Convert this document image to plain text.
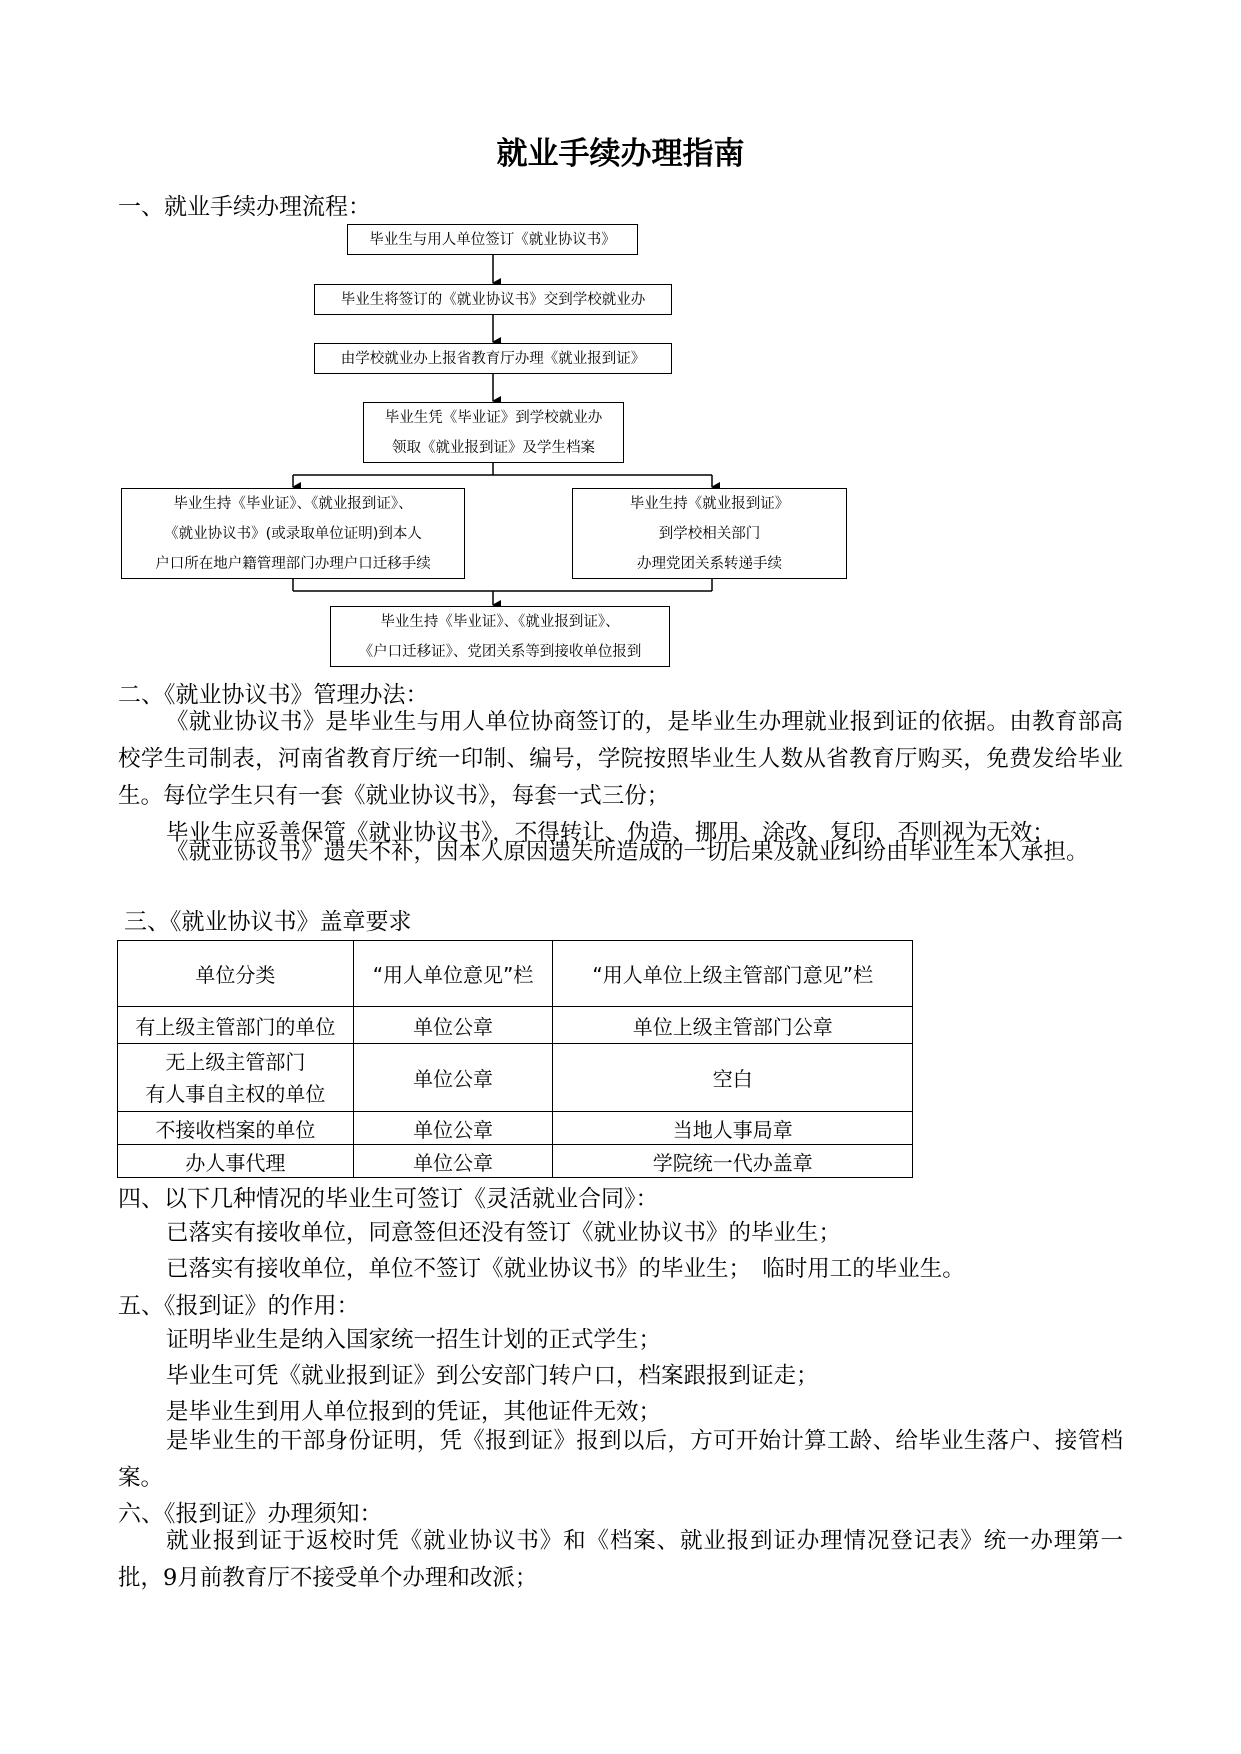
就业手续办理指南
一、就业手续办理流程：
毕业生与用人单位签订《就业协议书》
毕业生将签订的《就业协议书》交到学校就业办
由学校就业办上报省教育厅办理《就业报到证》
毕业生凭《毕业证》到学校就业办
领取《就业报到证》及学生档案
毕业生持《毕业证》、《就业报到证》、
《就业协议书》(或录取单位证明)到本人
户口所在地户籍管理部门办理户口迁移手续
毕业生持《就业报到证》
到学校相关部门
办理党团关系转递手续
毕业生持《毕业证》、《就业报到证》、
《户口迁移证》、党团关系等到接收单位报到
二、《就业协议书》管理办法：
《就业协议书》是毕业生与用人单位协商签订的，是毕业生办理就业报到证的依据。由教育部高校学生司制表，河南省教育厅统一印制、编号，学院按照毕业生人数从省教育厅购买，免费发给毕业生。每位学生只有一套《就业协议书》，每套一式三份；
毕业生应妥善保管《就业协议书》，不得转让、伪造、挪用、涂改、复印，否则视为无效；
《就业协议书》遗失不补，因本人原因遗失所造成的一切后果及就业纠纷由毕业生本人承担。
三、《就业协议书》盖章要求
单位分类	“用人单位意见”栏	“用人单位上级主管部门意见”栏
有上级主管部门的单位	单位公章	单位上级主管部门公章
无上级主管部门
有人事自主权的单位	单位公章	空白
不接收档案的单位	单位公章	当地人事局章
办人事代理	单位公章	学院统一代办盖章
四、以下几种情况的毕业生可签订《灵活就业合同》：
已落实有接收单位，同意签但还没有签订《就业协议书》的毕业生；
已落实有接收单位，单位不签订《就业协议书》的毕业生；　临时用工的毕业生。
五、《报到证》的作用：
证明毕业生是纳入国家统一招生计划的正式学生；
毕业生可凭《就业报到证》到公安部门转户口，档案跟报到证走；
是毕业生到用人单位报到的凭证，其他证件无效；
是毕业生的干部身份证明，凭《报到证》报到以后，方可开始计算工龄、给毕业生落户、接管档案。
六、《报到证》办理须知：
就业报到证于返校时凭《就业协议书》和《档案、就业报到证办理情况登记表》统一办理第一批，9月前教育厅不接受单个办理和改派；
